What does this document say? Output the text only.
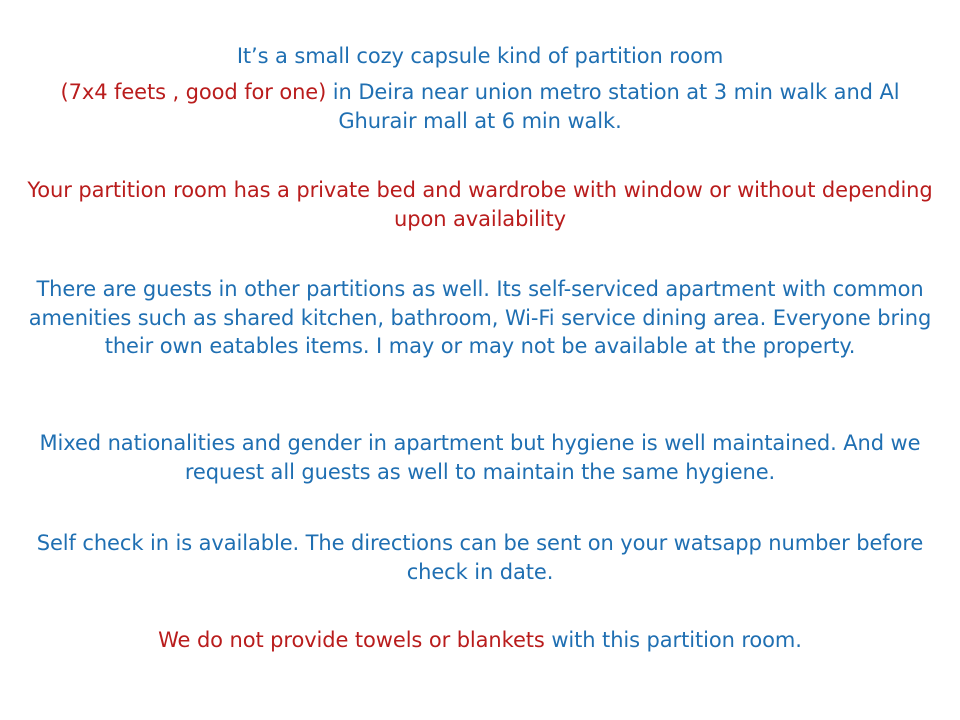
It’s a small cozy capsule kind of partition room

(7x4 feets , good for one) in Deira near union metro station at 3 min walk and Al Ghurair mall at 6 min walk.

Your partition room has a private bed and wardrobe with window or without depending upon availability

There are guests in other partitions as well. Its self-serviced apartment with common amenities such as shared kitchen, bathroom, Wi-Fi service dining area. Everyone bring their own eatables items. I may or may not be available at the property.

Mixed nationalities and gender in apartment but hygiene is well maintained. And we request all guests as well to maintain the same hygiene.

Self check in is available. The directions can be sent on your watsapp number before check in date.

We do not provide towels or blankets with this partition room.
